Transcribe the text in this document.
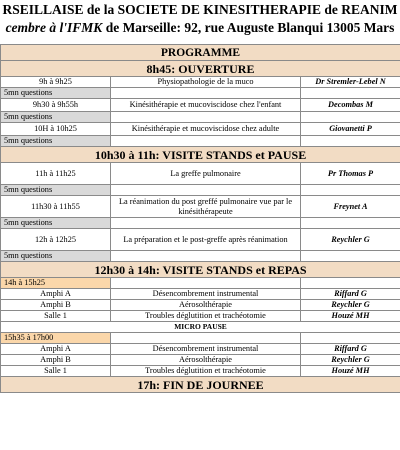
RSEILLAISE de la SOCIETE DE KINESITHERAPIE de REANIM
cembre à l'IFMK de Marseille: 92, rue Auguste Blanqui 13005 Mars
PROGRAMME		
8h45: OUVERTURE		
9h à 9h25	Physiopathologie de la muco	Dr Stremler-Lebel N
5mn questions		
9h30 à 9h55h	Kinésithérapie et mucoviscidose chez l'enfant	Decombas M
5mn questions		
10H à 10h25	Kinésithérapie et mucoviscidose chez adulte	Giovanetti P
5mn questions		
10h30 à 11h: VISITE STANDS et PAUSE		
11h à 11h25	La greffe pulmonaire	Pr Thomas P
5mn questions		
11h30 à 11h55	La réanimation du post greffé pulmonaire vue par le kinésithérapeute	Freynet A
5mn questions		
12h à 12h25	La préparation et le post-greffe après réanimation	Reychler G
5mn questions		
12h30 à 14h: VISITE STANDS et REPAS		
14h à 15h25		
Amphi A	Désencombrement instrumental	Riffard G
Amphi B	Aérosolthérapie	Reychler G
Salle 1	Troubles déglutition et trachéotomie	Houzé MH
MICRO PAUSE		
15h35 à 17h00		
Amphi A	Désencombrement instrumental	Riffard G
Amphi B	Aérosolthérapie	Reychler G
Salle 1	Troubles déglutition et trachéotomie	Houzé MH
17h: FIN DE JOURNEE		
